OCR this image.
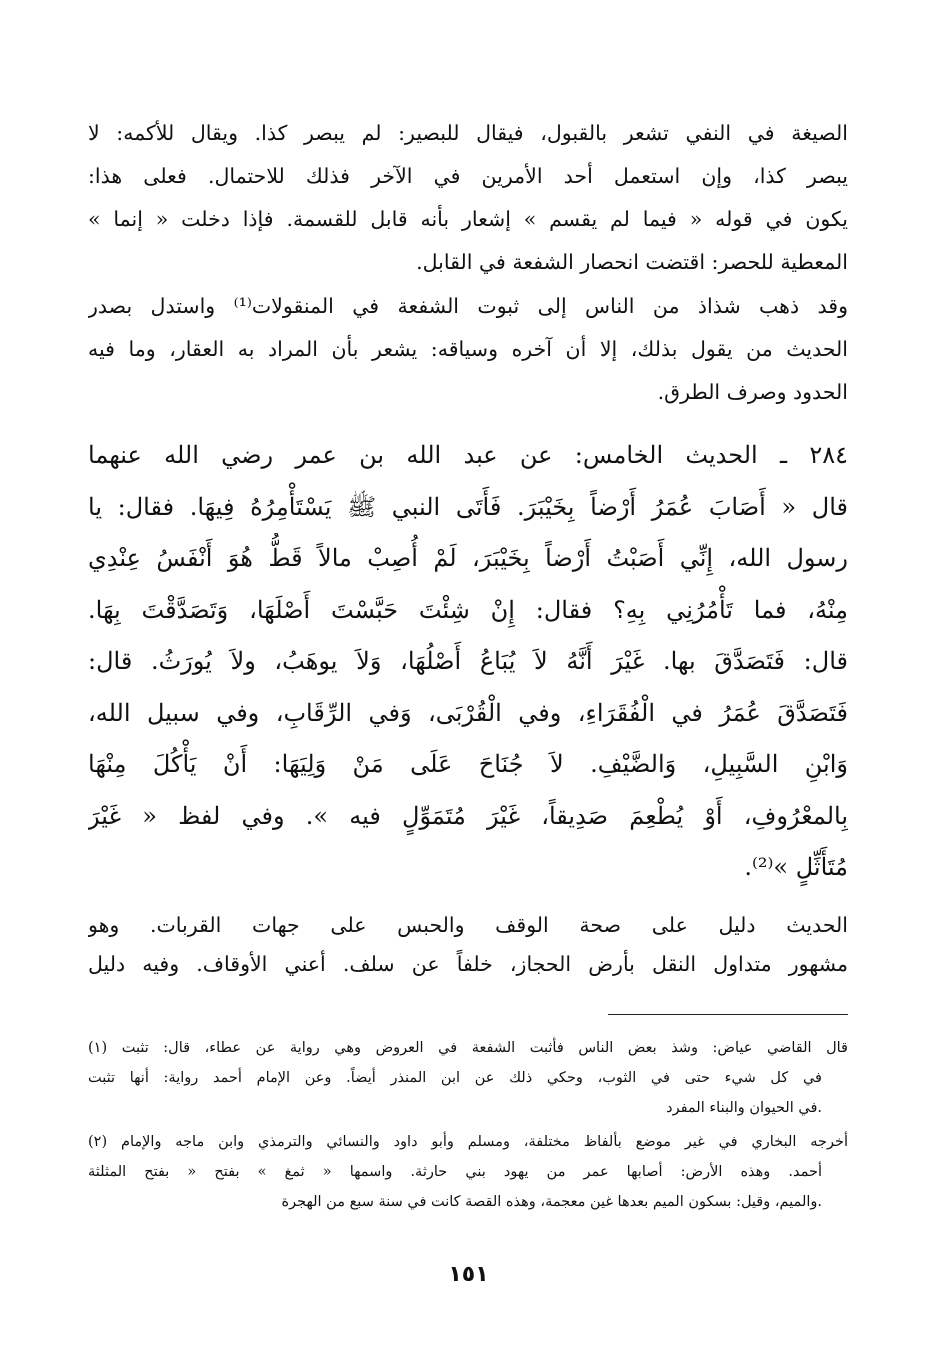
الصيغة في النفي تشعر بالقبول، فيقال للبصير: لم يبصر كذا. ويقال للأكمه: لا
يبصر كذا، وإن استعمل أحد الأمرين في الآخر فذلك للاحتمال. فعلى هذا:
يكون في قوله « فيما لم يقسم » إشعار بأنه قابل للقسمة. فإذا دخلت « إنما »
المعطية للحصر: اقتضت انحصار الشفعة في القابل.
وقد ذهب شذاذ من الناس إلى ثبوت الشفعة في المنقولات⁽¹⁾ واستدل بصدر
الحديث من يقول بذلك، إلا أن آخره وسياقه: يشعر بأن المراد به العقار، وما فيه
الحدود وصرف الطرق.
٢٨٤ ـ الحديث الخامس: عن عبد الله بن عمر رضي الله عنهما
قال « أَصَابَ عُمَرُ أَرْضاً بِخَيْبَرَ. فَأَتَى النبي ﷺ يَسْتَأْمِرُهُ فِيهَا. فقال: يا
رسول الله، إِنِّي أَصَبْتُ أَرْضاً بِخَيْبَرَ، لَمْ أُصِبْ مالاً قَطُّ هُوَ أَنْفَسُ عِنْدِي
مِنْهُ، فما تَأْمُرُنِي بِهِ؟ فقال: إِنْ شِئْتَ حَبَّسْتَ أَصْلَهَا، وَتَصَدَّقْتَ بِهَا.
قال: فَتَصَدَّقَ بها. غَيْرَ أَنَّهُ لاَ يُبَاعُ أَصْلُهَا، وَلاَ يوهَبُ، ولاَ يُورَثُ. قال:
فَتَصَدَّقَ عُمَرُ في الْفُقَرَاءِ، وفي الْقُرْبَى، وَفي الرِّقَابِ، وفي سبيل الله،
وَابْنِ السَّبِيلِ، وَالضَّيْفِ. لاَ جُنَاحَ عَلَى مَنْ وَلِيَهَا: أَنْ يَأْكُلَ مِنْهَا
بِالمعْرُوفِ، أَوْ يُطْعِمَ صَدِيقاً، غَيْرَ مُتَمَوِّلٍ فيه ». وفي لفظ « غَيْرَ
مُتَأَثِّلٍ »⁽²⁾.
الحديث دليل على صحة الوقف والحبس على جهات القربات. وهو
مشهور متداول النقل بأرض الحجاز، خلفاً عن سلف. أعني الأوقاف. وفيه دليل
(١) قال القاضي عياض: وشذ بعض الناس فأثبت الشفعة في العروض وهي رواية عن عطاء، قال: تثبت
في كل شيء حتى في الثوب، وحكي ذلك عن ابن المنذر أيضاً. وعن الإمام أحمد رواية: أنها تثبت
في الحيوان والبناء المفرد.
(٢) أخرجه البخاري في غير موضع بألفاظ مختلفة، ومسلم وأبو داود والنسائي والترمذي وابن ماجه والإمام
أحمد. وهذه الأرض: أصابها عمر من يهود بني حارثة. واسمها « ثمغ » بفتح « بفتح المثلثة
والميم، وقيل: بسكون الميم بعدها غين معجمة، وهذه القصة كانت في سنة سبع من الهجرة.
١٥١
